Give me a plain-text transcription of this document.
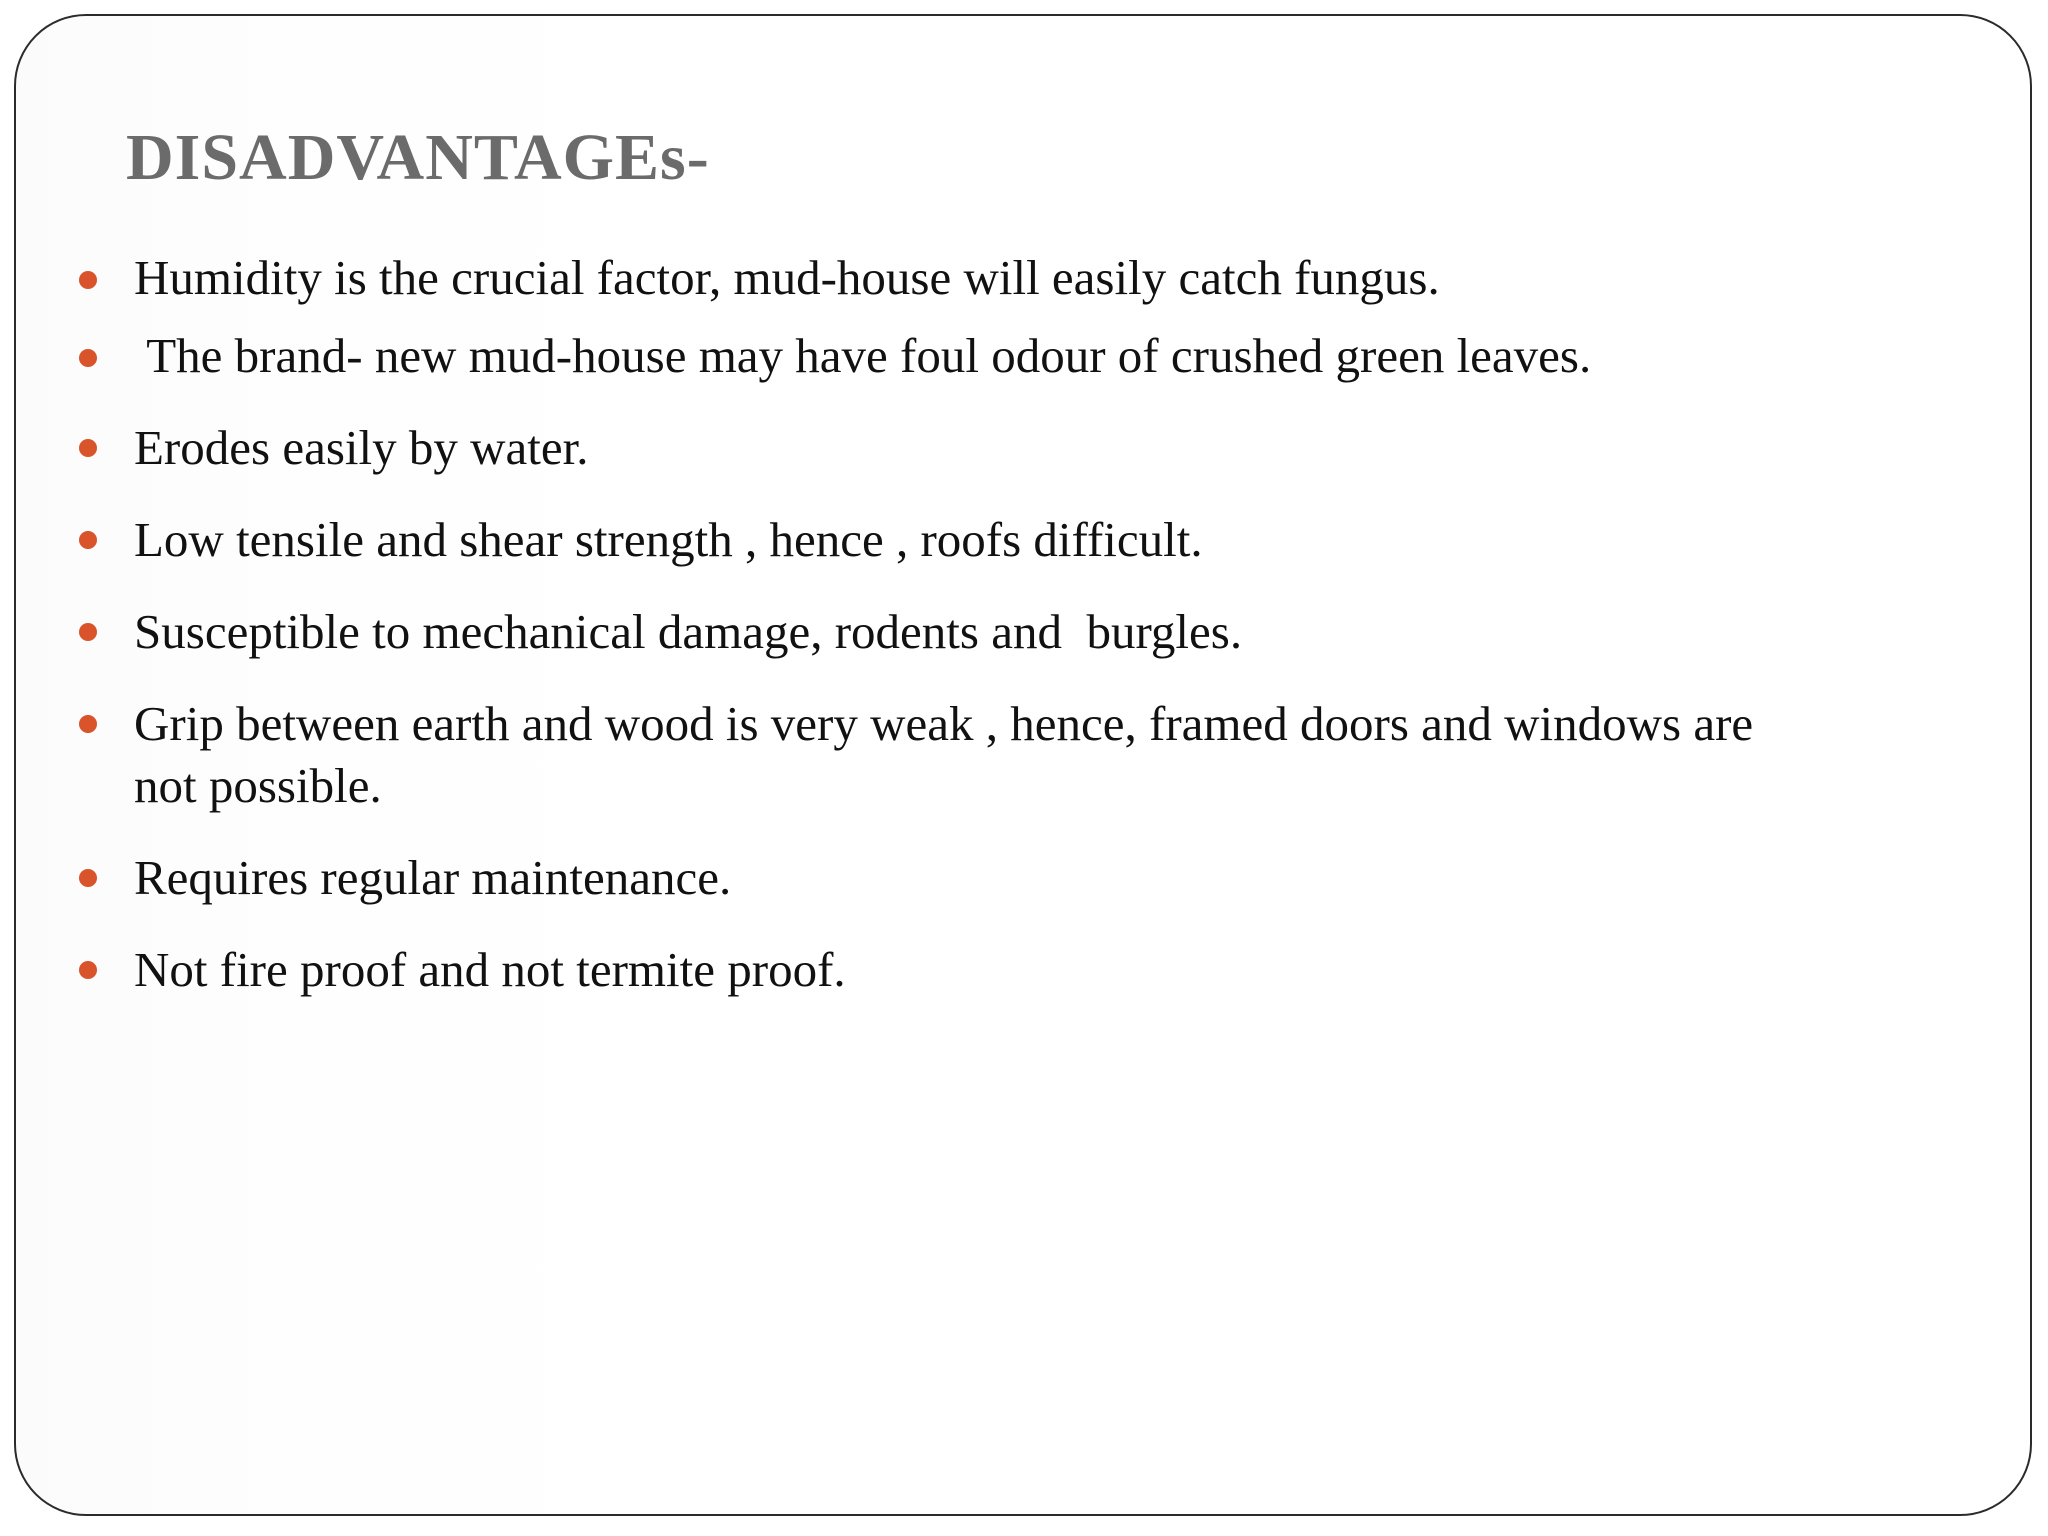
DISADVANTAGEs-
Humidity is the crucial factor, mud-house will easily catch fungus.
The brand- new mud-house may have foul odour of crushed green leaves.
Erodes easily by water.
Low tensile and shear strength , hence , roofs difficult.
Susceptible to mechanical damage, rodents and  burgles.
Grip between earth and wood is very weak , hence, framed doors and windows are not possible.
Requires regular maintenance.
Not fire proof and not termite proof.
